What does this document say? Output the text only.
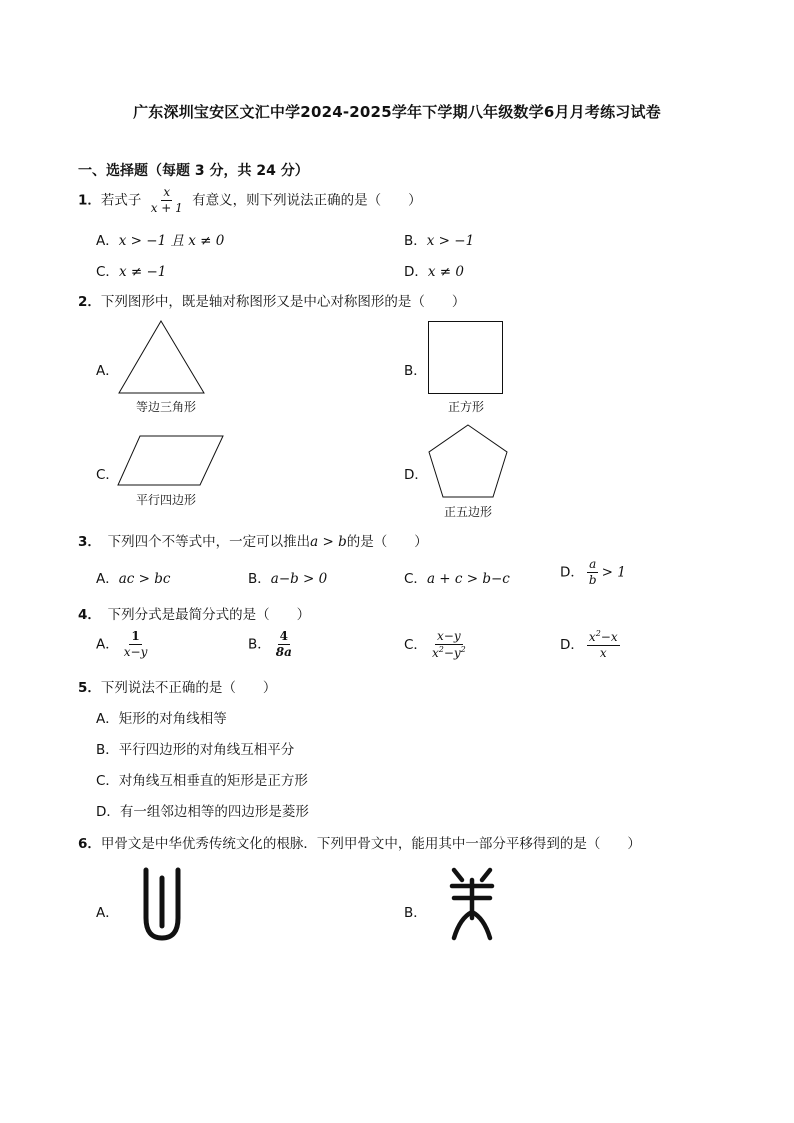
广东深圳宝安区文汇中学2024-2025学年下学期八年级数学6月月考练习试卷
一、选择题（每题 3 分，共 24 分）
1．若式子 $\frac{x}{x + 1}$ 有意义，则下列说法正确的是（　　）
A．x > −1 且 x ≠ 0	B．x > −1
C．x ≠ −1	D．x ≠ 0
2．下列图形中，既是轴对称图形又是中心对称图形的是（　　）
A．
等边三角形
B．
正方形
C．
平行四边形
D．
正五边形
3．　下列四个不等式中，一定可以推出a > b的是（　　）
A．ac > bc	B．a−b > 0	C．a + c > b−c	D． $\frac{a}{b} > 1$
4．　下列分式是最简分式的是（　　）
A． $\frac{1}{x-y}$	B． $\frac{4}{8a}$	C． $\frac{x-y}{x^2-y^2}$	D． $\frac{x^2-x}{x}$
5．下列说法不正确的是（　　）
A．矩形的对角线相等
B．平行四边形的对角线互相平分
C．对角线互相垂直的矩形是正方形
D．有一组邻边相等的四边形是菱形
6．甲骨文是中华优秀传统文化的根脉．下列甲骨文中，能用其中一部分平移得到的是（　　）
A．	B．
